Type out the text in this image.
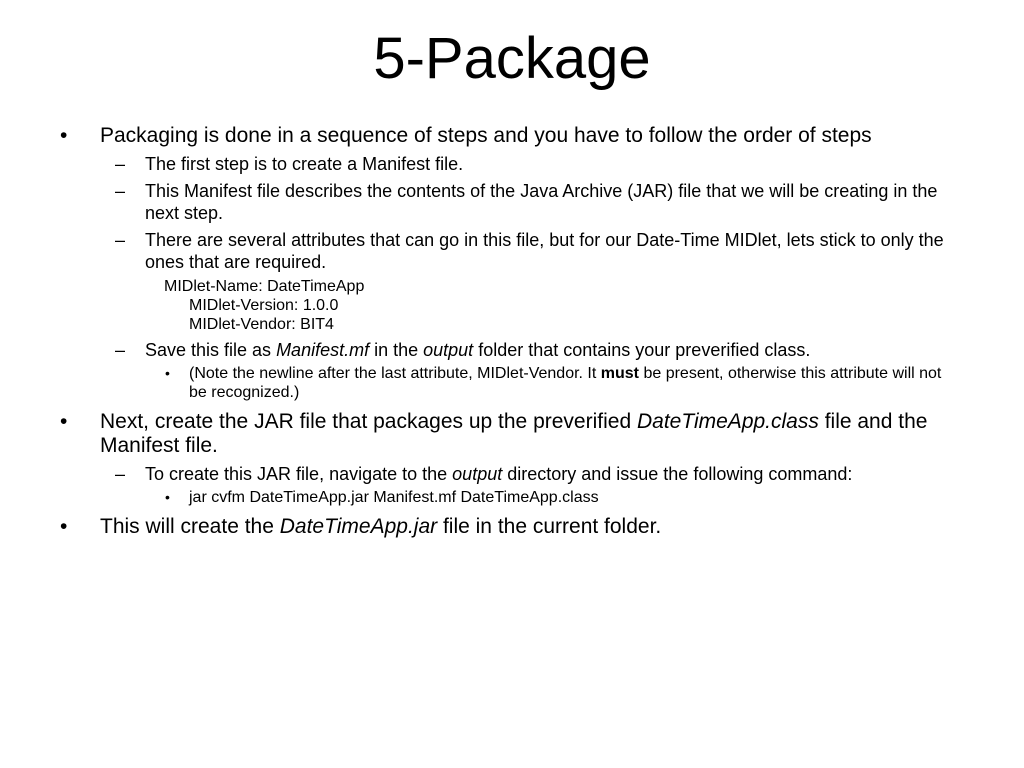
5-Package
• Packaging is done in a sequence of steps and you have to follow the order of steps
– The first step is to create a Manifest file.
– This Manifest file describes the contents of the Java Archive (JAR) file that we will be creating in the next step.
– There are several attributes that can go in this file, but for our Date-Time MIDlet, lets stick to only the ones that are required.
MIDlet-Name: DateTimeApp
MIDlet-Version: 1.0.0
MIDlet-Vendor: BIT4
– Save this file as Manifest.mf in the output folder that contains your preverified class.
• (Note the newline after the last attribute, MIDlet-Vendor. It must be present, otherwise this attribute will not be recognized.)
• Next, create the JAR file that packages up the preverified DateTimeApp.class file and the Manifest file.
– To create this JAR file, navigate to the output directory and issue the following command:
• jar cvfm DateTimeApp.jar Manifest.mf DateTimeApp.class
• This will create the DateTimeApp.jar file in the current folder.
